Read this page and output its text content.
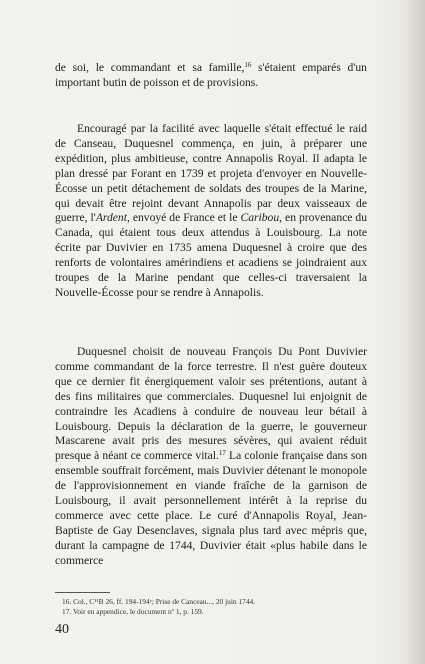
de soi, le commandant et sa famille,$^{16}$ s'étaient emparés d'un important butin de poisson et de provisions.

Encouragé par la facilité avec laquelle s'était effectué le raid de Canseau, Duquesnel commença, en juin, à préparer une expédition, plus ambitieuse, contre Annapolis Royal. Il adapta le plan dressé par Forant en 1739 et projeta d'envoyer en Nouvelle-Écosse un petit détachement de soldats des troupes de la Marine, qui devait être rejoint devant Annapolis par deux vaisseaux de guerre, l'Ardent, envoyé de France et le Caribou, en provenance du Canada, qui étaient tous deux attendus à Louisbourg. La note écrite par Duvivier en 1735 amena Duquesnel à croire que des renforts de volontaires amérindiens et acadiens se joindraient aux troupes de la Marine pendant que celles-ci traversaient la Nouvelle-Écosse pour se rendre à Annapolis.

Duquesnel choisit de nouveau François Du Pont Duvivier comme commandant de la force terrestre. Il n'est guère douteux que ce dernier fit énergiquement valoir ses prétentions, autant à des fins militaires que commerciales. Duquesnel lui enjoignit de contraindre les Acadiens à conduire de nouveau leur bétail à Louisbourg. Depuis la déclaration de la guerre, le gouverneur Mascarene avait pris des mesures sévères, qui avaient réduit presque à néant ce commerce vital.$^{17}$ La colonie française dans son ensemble souffrait forcément, mais Duvivier détenant le monopole de l'approvisionnement en viande fraîche de la garnison de Louisbourg, il avait personnellement intérêt à la reprise du commerce avec cette place. Le curé d'Annapolis Royal, Jean-Baptiste de Gay Desenclaves, signala plus tard avec mépris que, durant la campagne de 1744, Duvivier était «plus habile dans le commerce

16. Col., C¹¹B 26, ff. 194-194ᵛ; Prise de Canceau..., 20 juin 1744.
17. Voir en appendice, le document nº 1, p. 159.
40
